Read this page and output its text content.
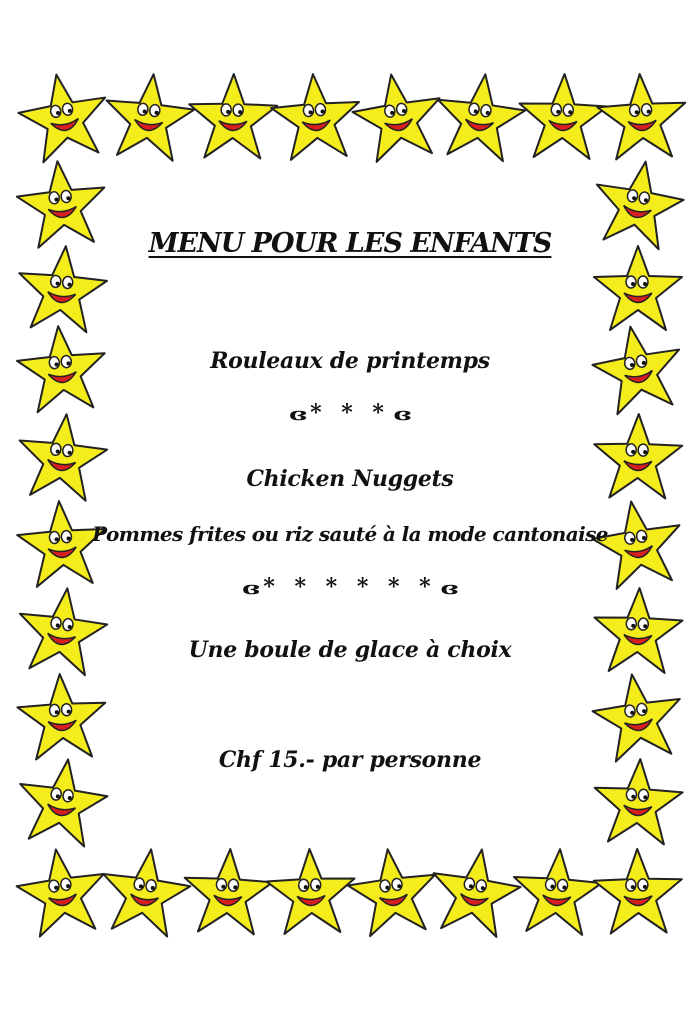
MENU POUR LES ENFANTS
Rouleaux de printemps
ʚ * * * ɞ
Chicken Nuggets
Pommes frites ou riz sauté à la mode cantonaise
ʚ * * * * * * ɞ
Une boule de glace à choix
Chf 15.- par personne
